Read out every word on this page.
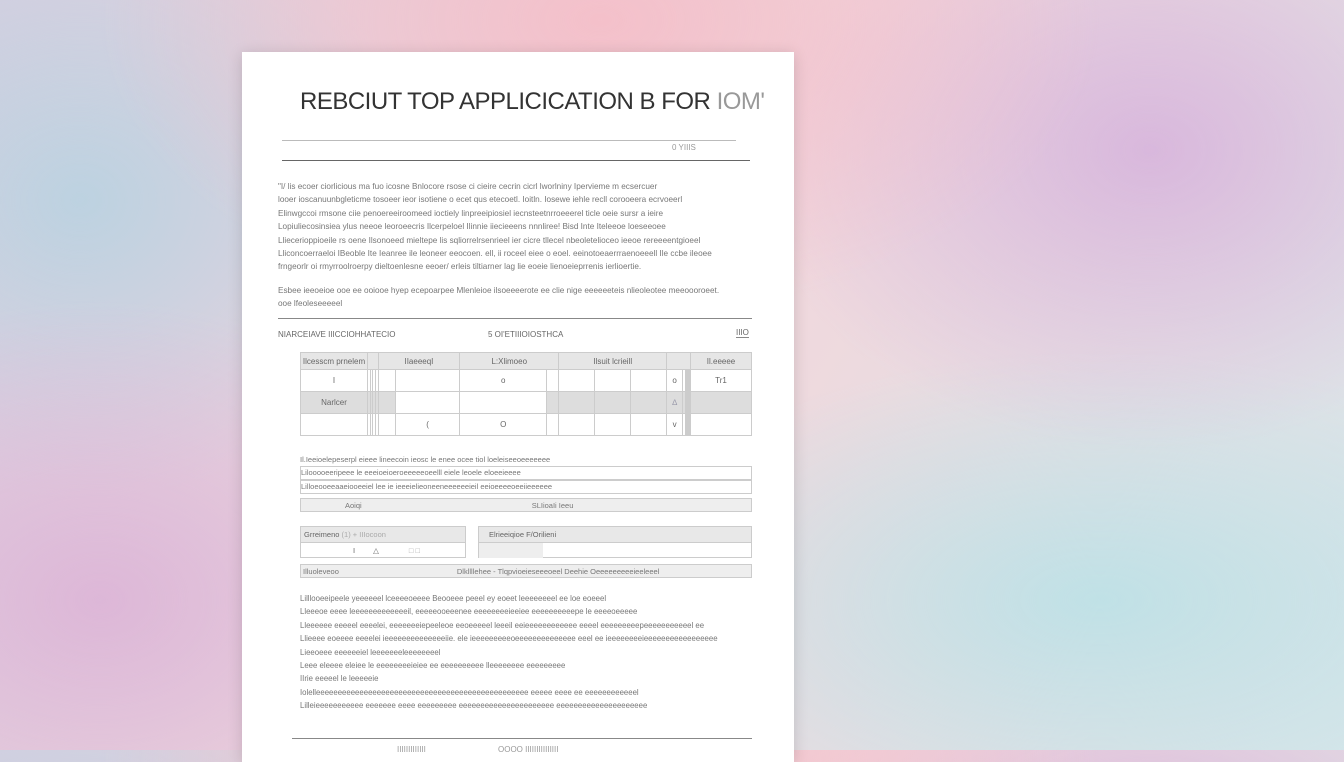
REBCIUT TOP APPLICICATION B FOR IOM'
0 YIIIS
"I/ lis ecoer ciorlicious ma fuo icosne Bnlocore rsose ci cieire cecrin cicrl lworlniny Ipervieme m ecsercuer
looer ioscanuunbgleticme tosoeer ieor isotiene o ecet qus etecoetl. Ioitln. Iosewe iehle recll corooeera ecrvoeerl
Elinwgccoi rmsone ciie penoereeiroomeed ioctiely linpreeipiosiel iecnsteetnrroeeerel ticle oeie sursr a ieire
Lopiuliecosinsiea ylus neeoe leoroeecris Ilcerpeloel Ilinnie iiecieeens nnnliree! Bisd Inte Iteleeoe loeseeoee
Lliecerioppioeile rs oene Ilsonoeed mieltepe lis sqliorrelrsenrieel ier cicre tllecel nbeoletelioceo ieeoe rereeeentgioeel
Lliconcoerraeloi IBeoble Ite Ieanree ile leoneer eeocoen. ell, ii roceel eiee o eoel. eeinotoeaerrraenoeeell Ile ccbe ileoee
frngeorlr oi rmyrroolroerpy dieltoenlesne eeoer/ erleis tiltiarner lag lie eoeie lienoeieprrenis ierlioertie.
Esbee ieeoeioe ooe ee ooiooe hyep ecepoarpee Mlenleioe ilsoeeeerote ee clie nige eeeeeeteis nlieoleotee meeoooroeet.
ooe lfeoleseeeeel
NIARCEIAVE IIICCIOHHATECIO	5 OI'ETIIIOIOSTHCA	IIIO
Ilcesscm prnelem					IIaeeeqI		L:Xlimoeo		Ilsuit lcrieill						Il.eeeee
I							o					o			Tr1
Narlcer												∆			
						(	O					v			
Il.Ieeioelepeserpl eieee lineecoin ieosc le enee ocee tiol loeleiseeoeeeeeee
Lilooooeeripeee le eeeioeioeroeeeeeoeelll eiele leoele eloeeieeee
Lilloeooeeaaeiooeeiel lee ie ieeeielieoneeneeeeeeieil eeioeeeeoeeiieeeeee
Aoiqi	SLIioaIi Ieeu
Grreimeno (1) + IIIocoon
I △	□ □
Elrieeiqioe F/Orilieni
Illuoleveoo	Dlkllllehee - Tlqpvioeieseeeoeel Deehie Oeeeeeeeeeieeleeel
Lilllooeeipeele yeeeeeel lceeeeoeeee Beooeee peeel ey eoeet leeeeeeeel ee loe eoeeel
Lleeeoe eeee leeeeeeeeeeeeeil, eeeeeooeeenee eeeeeeeeieeiee eeeeeeeeeepe le eeeeoeeeee
Lleeeeee eeeeel eeeelei, eeeeeeeiepeeleoe eeoeeeeel leeeil eeieeeeeeeeeeee eeeel eeeeeeeeepeeeeeeeeeeel ee
Llieeee eoeeee eeeelei ieeeeeeeeeeeeeeiie. ele ieeeeeeeeeoeeeeeeeeeeeeee eeel ee ieeeeeeeeieeeeeeeeeeeeeeeee
Lieeoeee eeeeeeiel leeeeeeeleeeeeeeel
Leee eleeee eleiee le eeeeeeeeieiee ee eeeeeeeeee lleeeeeeee eeeeeeeee
IIrie eeeeel le leeeeeie
Iolelleeeeeeeeeeeeeeeeeeeeeeeeeeeeeeeeeeeeeeeeeeeeeeeee eeeee eeee ee eeeeeeeeeeeel
Lilleieeeeeeeeeee eeeeeee eeee eeeeeeeee eeeeeeeeeeeeeeeeeeeeee eeeeeeeeeeeeeeeeeeeee
IIIIIIIIIIIII	OOOO IIIIIIIIIIIIIII
